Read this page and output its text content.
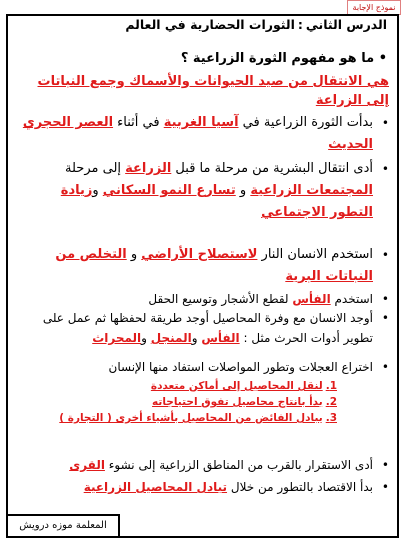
نموذج الإجابة
الدرس الثاني:الثورات الحضارية في العالم
• ما هو مفهوم الثورة الزراعية ؟
هي الانتقال من صيد الحيوانات والأسماك وجمع النباتات إلى الزراعة
•
بدأت الثورة الزراعية في آسيا الغربية في أثناء العصر الحجري الحديث
•
أدى انتقال البشرية من مرحلة ما قبل الزراعة إلى مرحلة المجتمعات الزراعية و تسارع النمو السكاني وزيادة التطور الاجتماعي
•
استخدم الانسان النار لاستصلاح الأراضي و التخلص من النباتات البرية
•
استخدم الفأس لقطع الأشجار وتوسيع الحقل
•
أوجد الانسان مع وفرة المحاصيل أوجد طريقة لحفظها ثم عمل على تطوير أدوات الحرث مثل : الفأس والمنجل والمحراث
•
اختراع العجلات وتطور المواصلات استفاد منها الإنسان
1.لنقل المحاصيل إلى أماكن متعددة
2.بدأ بانتاج محاصيل تفوق احتياجاته
3.يبادل الفائض من المحاصيل بأشياء أخرى ( التجارة )
•
أدى الاستقرار بالقرب من المناطق الزراعية إلى نشوء القرى
•
بدأ الاقتصاد بالتطور من خلال تبادل المحاصيل الزراعية
المعلمة موزه درويش
